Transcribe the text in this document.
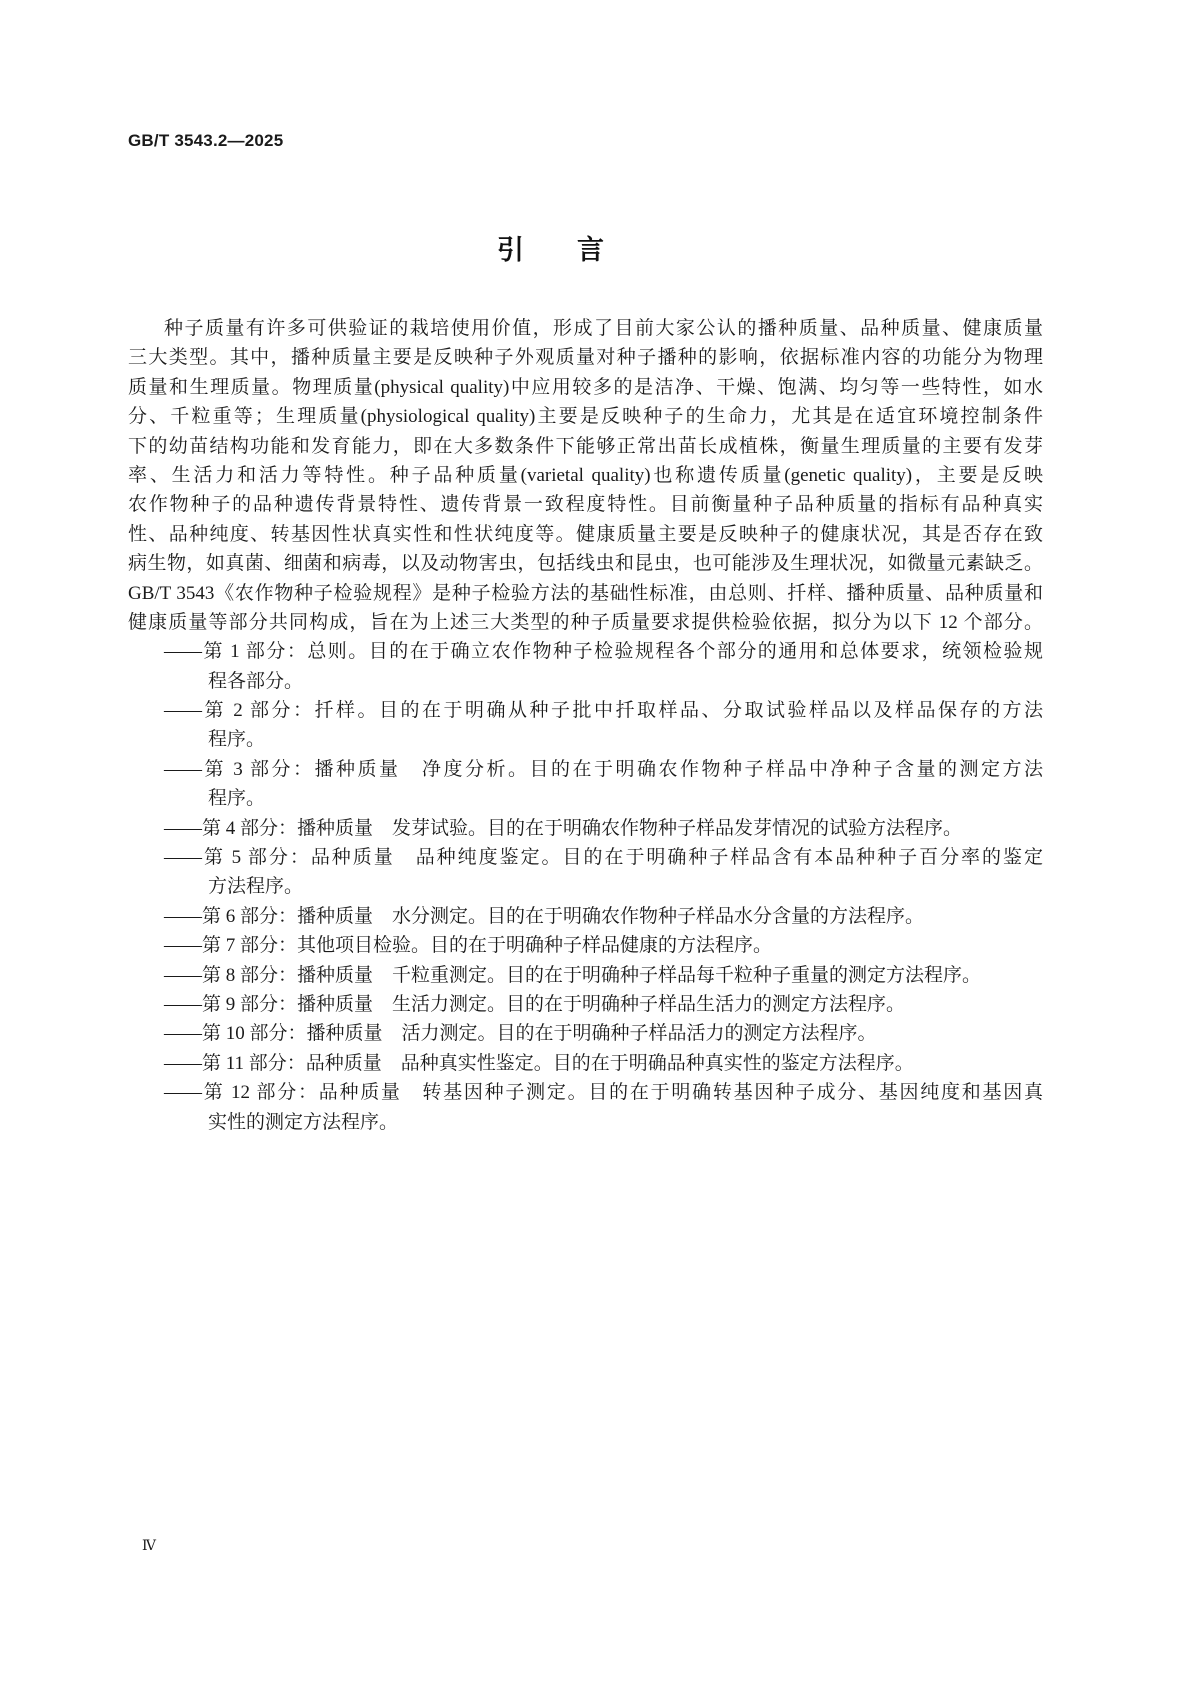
GB/T 3543.2—2025
引　言
种子质量有许多可供验证的栽培使用价值，形成了目前大家公认的播种质量、品种质量、健康质量
三大类型。其中，播种质量主要是反映种子外观质量对种子播种的影响，依据标准内容的功能分为物理
质量和生理质量。物理质量(physical quality)中应用较多的是洁净、干燥、饱满、均匀等一些特性，如水
分、千粒重等；生理质量(physiological quality)主要是反映种子的生命力，尤其是在适宜环境控制条件
下的幼苗结构功能和发育能力，即在大多数条件下能够正常出苗长成植株，衡量生理质量的主要有发芽
率、生活力和活力等特性。种子品种质量(varietal quality)也称遗传质量(genetic quality)，主要是反映
农作物种子的品种遗传背景特性、遗传背景一致程度特性。目前衡量种子品种质量的指标有品种真实
性、品种纯度、转基因性状真实性和性状纯度等。健康质量主要是反映种子的健康状况，其是否存在致
病生物，如真菌、细菌和病毒，以及动物害虫，包括线虫和昆虫，也可能涉及生理状况，如微量元素缺乏。
GB/T 3543《农作物种子检验规程》是种子检验方法的基础性标准，由总则、扦样、播种质量、品种质量和
健康质量等部分共同构成，旨在为上述三大类型的种子质量要求提供检验依据，拟分为以下 12 个部分。
——第 1 部分：总则。目的在于确立农作物种子检验规程各个部分的通用和总体要求，统领检验规
程各部分。
——第 2 部分：扦样。目的在于明确从种子批中扦取样品、分取试验样品以及样品保存的方法
程序。
——第 3 部分：播种质量　净度分析。目的在于明确农作物种子样品中净种子含量的测定方法
程序。
——第 4 部分：播种质量　发芽试验。目的在于明确农作物种子样品发芽情况的试验方法程序。
——第 5 部分：品种质量　品种纯度鉴定。目的在于明确种子样品含有本品种种子百分率的鉴定
方法程序。
——第 6 部分：播种质量　水分测定。目的在于明确农作物种子样品水分含量的方法程序。
——第 7 部分：其他项目检验。目的在于明确种子样品健康的方法程序。
——第 8 部分：播种质量　千粒重测定。目的在于明确种子样品每千粒种子重量的测定方法程序。
——第 9 部分：播种质量　生活力测定。目的在于明确种子样品生活力的测定方法程序。
——第 10 部分：播种质量　活力测定。目的在于明确种子样品活力的测定方法程序。
——第 11 部分：品种质量　品种真实性鉴定。目的在于明确品种真实性的鉴定方法程序。
——第 12 部分：品种质量　转基因种子测定。目的在于明确转基因种子成分、基因纯度和基因真
实性的测定方法程序。
Ⅳ
